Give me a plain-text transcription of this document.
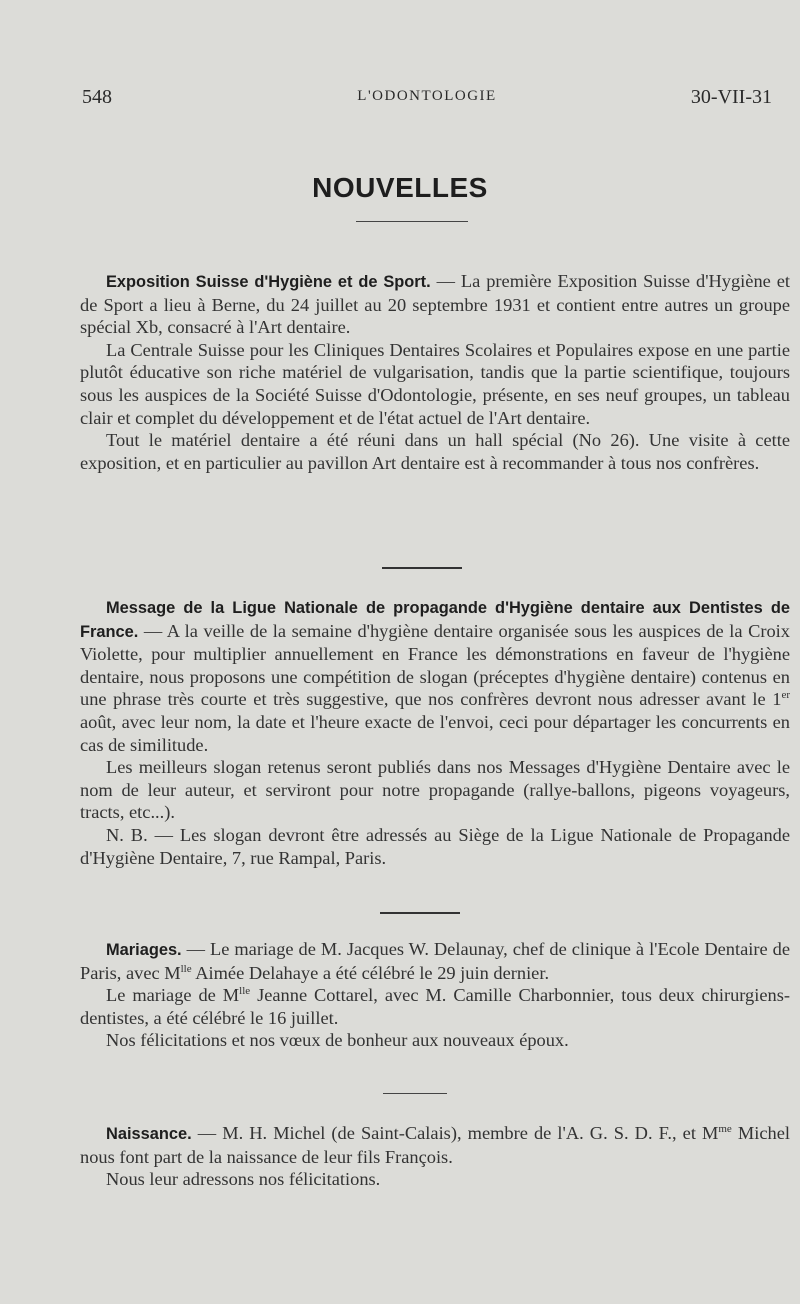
548	L'ODONTOLOGIE	30-VII-31
NOUVELLES

Exposition Suisse d'Hygiène et de Sport. — La première Exposition Suisse d'Hygiène et de Sport a lieu à Berne, du 24 juillet au 20 septembre 1931 et contient entre autres un groupe spécial Xb, consacré à l'Art dentaire.

La Centrale Suisse pour les Cliniques Dentaires Scolaires et Populaires expose en une partie plutôt éducative son riche matériel de vulgarisation, tandis que la partie scientifique, toujours sous les auspices de la Société Suisse d'Odontologie, présente, en ses neuf groupes, un tableau clair et complet du développement et de l'état actuel de l'Art dentaire.

Tout le matériel dentaire a été réuni dans un hall spécial (No 26). Une visite à cette exposition, et en particulier au pavillon Art dentaire est à recommander à tous nos confrères.

Message de la Ligue Nationale de propagande d'Hygiène dentaire aux Dentistes de France. — A la veille de la semaine d'hygiène dentaire organisée sous les auspices de la Croix Violette, pour multiplier annuellement en France les démonstrations en faveur de l'hygiène dentaire, nous proposons une compétition de slogan (préceptes d'hygiène dentaire) contenus en une phrase très courte et très suggestive, que nos confrères devront nous adresser avant le 1er août, avec leur nom, la date et l'heure exacte de l'envoi, ceci pour départager les concurrents en cas de similitude.

Les meilleurs slogan retenus seront publiés dans nos Messages d'Hygiène Dentaire avec le nom de leur auteur, et serviront pour notre propagande (rallye-ballons, pigeons voyageurs, tracts, etc...).

N. B. — Les slogan devront être adressés au Siège de la Ligue Nationale de Propagande d'Hygiène Dentaire, 7, rue Rampal, Paris.

Mariages. — Le mariage de M. Jacques W. Delaunay, chef de clinique à l'Ecole Dentaire de Paris, avec $M^{lle}$ Aimée Delahaye a été célébré le 29 juin dernier.

Le mariage de $M^{lle}$ Jeanne Cottarel, avec M. Camille Charbonnier, tous deux chirurgiens-dentistes, a été célébré le 16 juillet.

Nos félicitations et nos vœux de bonheur aux nouveaux époux.

Naissance. — M. H. Michel (de Saint-Calais), membre de l'A. G. S. D. F., et $M^{me}$ Michel nous font part de la naissance de leur fils François.

Nous leur adressons nos félicitations.
